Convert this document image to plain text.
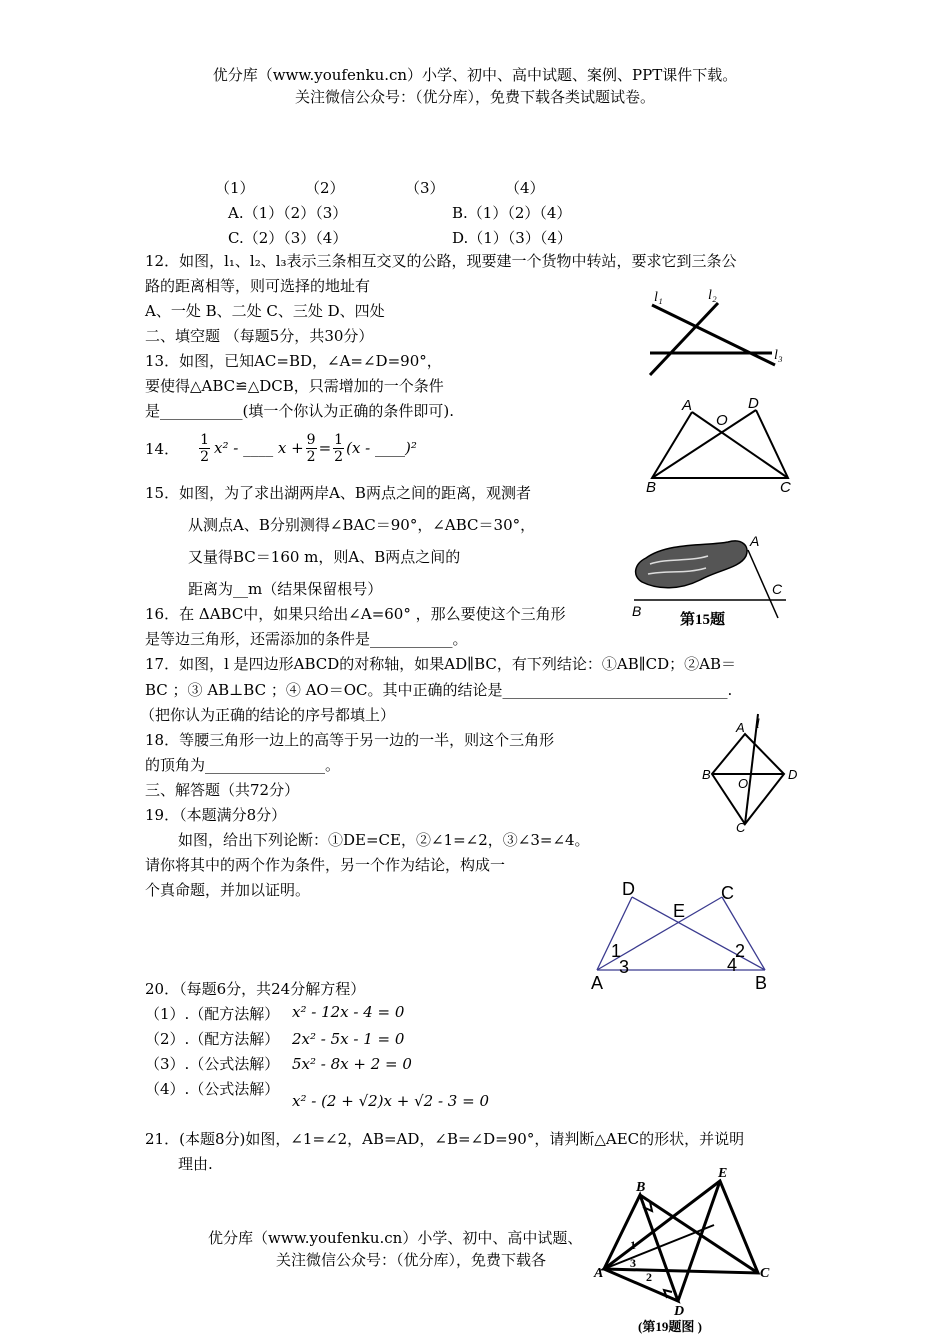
优分库（www.youfenku.cn）小学、初中、高中试题、案例、PPT课件下载。
关注微信公众号：（优分库），免费下载各类试题试卷。
（1）	（2）	（3）	（4）
A.（1）（2）（3）	B.（1）（2）（4）
C.（2）（3）（4）	D.（1）（3）（4）
12．如图，l₁、l₂、l₃表示三条相互交叉的公路，现要建一个货物中转站，要求它到三条公
路的距离相等，则可选择的地址有
A、一处 B、二处 C、三处 D、四处
l₁	l₂
l₃
二、填空题 （每题5分，共30分）
13．如图，已知AC=BD，∠A=∠D=90°，
要使得△ABC≌△DCB，只需增加的一个条件
是___________(填一个你认为正确的条件即可).	A
O
D
B	C
14． $\frac{1}{2} x^2$ - ____ $x + \frac{9}{2} = \frac{1}{2} (x$ - ____)²
15．如图，为了求出湖两岸A、B两点之间的距离，观测者
从测点A、B分别测得∠BAC＝90°，∠ABC＝30°，
又量得BC＝160 m，则A、B两点之间的
距离为__m（结果保留根号）
A
B
C
第15题
16．在 ΔABC中，如果只给出∠A=60° ，那么要使这个三角形
是等边三角形，还需添加的条件是___________。
17．如图，l 是四边形ABCD的对称轴，如果AD∥BC，有下列结论：①AB∥CD；②AB＝
BC ；③ AB⊥BC ；④ AO＝OC。其中正确的结论是______________________________.
（把你认为正确的结论的序号都填上）
A l
B
O
D
C
18．等腰三角形一边上的高等于另一边的一半，则这个三角形
的顶角为________________。
三、解答题（共72分）
19．（本题满分8分）
如图，给出下列论断：①DE=CE，②∠1=∠2，③∠3=∠4。
请你将其中的两个作为条件，另一个作为结论，构成一
个真命题，并加以证明。	D	C
E
1	2
3	4
A	B
20．（每题6分，共24分解方程）
（1）.（配方法解） x² - 12x - 4 = 0
（2）.（配方法解） 2x² - 5x - 1 = 0
（3）.（公式法解） 5x² - 8x + 2 = 0
（4）.（公式法解）
x² - (2 + √2)x + √2 - 3 = 0
21．(本题8分)如图，∠1=∠2，AB=AD，∠B=∠D=90°，请判断△AEC的形状，并说明
理由.
E
B
A	C
D
1
2
3
(第19题图 )
优分库（www.youfenku.cn）小学、初中、高中试题、
关注微信公众号：（优分库），免费下载各
